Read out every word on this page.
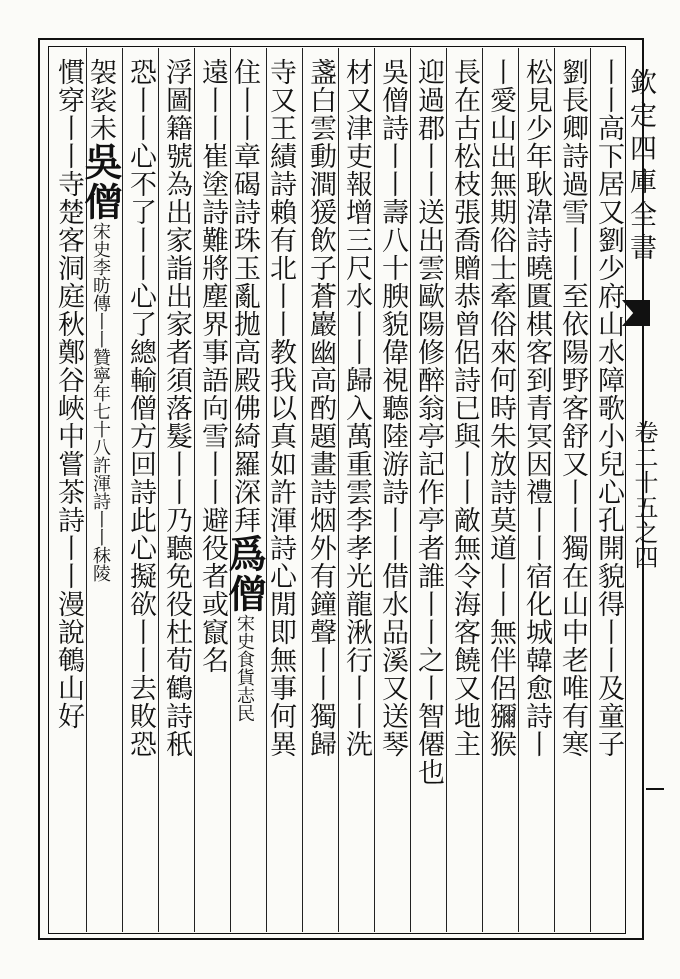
欽定四庫全書
卷二十五之四
丨丨高下居又劉少府山水障歌小兒心孔開貌得丨丨及童子
劉長卿詩過雪丨丨至依陽野客舒又丨丨獨在山中老唯有寒
松見少年耿湋詩曉匱棋客到青冥因禮丨丨宿化城韓愈詩丨
丨愛山出無期俗士牽俗來何時朱放詩莫道丨丨無伴侶獼猴
長在古松枝張喬贈恭曾侶詩已與丨丨敵無令海客饒又地主
迎過郡丨丨送出雲歐陽修醉翁亭記作亭者誰丨丨之丨智僊也
吳僧詩丨丨壽八十腴貌偉視聽陸游詩丨丨借水品溪又送琴
材又津吏報增三尺水丨丨歸入萬重雲李孝光龍湫行丨丨洗
盞白雲動澗猨飲子蒼巖幽高酌題畫詩烟外有鐘聲丨丨獨歸
寺又王績詩賴有北丨丨教我以真如許渾詩心閒即無事何異
住丨丨章碣詩珠玉亂拋高殿佛綺羅深拜爲僧宋史食貨志民
遠丨丨崔塗詩難將塵界事語向雪丨丨避役者或竄名
浮圖籍號為出家詣出家者須落髮丨丨乃聽免役杜荀鶴詩秖
恐丨丨心不了丨丨心了總輸僧方回詩此心擬欲丨丨去敗恐
袈裟未吳僧宋史李昉傳丨丨贊寧年七十八許渾詩丨丨秣陵
慣穿丨丨寺楚客洞庭秋鄭谷峽中嘗茶詩丨丨漫說鵪山好
